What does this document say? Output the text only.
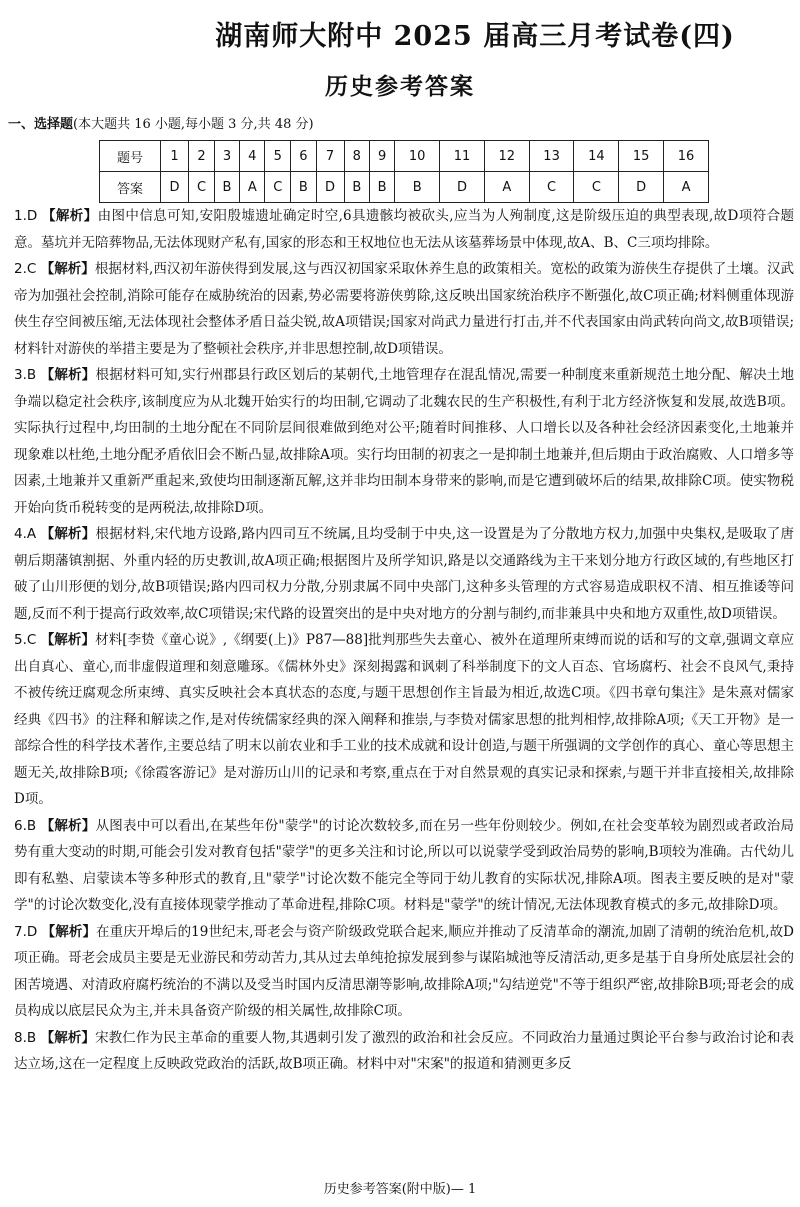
湖南师大附中 2025 届高三月考试卷(四)
历史参考答案
一、选择题(本大题共 16 小题,每小题 3 分,共 48 分)
题号	1	2	3	4	5	6	7	8	9	10	11	12	13	14	15	16
答案	D	C	B	A	C	B	D	B	B	B	D	A	C	C	D	A

1.D 【解析】由图中信息可知,安阳殷墟遗址确定时空,6具遗骸均被砍头,应当为人殉制度,这是阶级压迫的典型表现,故D项符合题意。墓坑并无陪葬物品,无法体现财产私有,国家的形态和王权地位也无法从该墓葬场景中体现,故A、B、C三项均排除。

2.C 【解析】根据材料,西汉初年游侠得到发展,这与西汉初国家采取休养生息的政策相关。宽松的政策为游侠生存提供了土壤。汉武帝为加强社会控制,消除可能存在威胁统治的因素,势必需要将游侠剪除,这反映出国家统治秩序不断强化,故C项正确;材料侧重体现游侠生存空间被压缩,无法体现社会整体矛盾日益尖锐,故A项错误;国家对尚武力量进行打击,并不代表国家由尚武转向尚文,故B项错误;材料针对游侠的举措主要是为了整顿社会秩序,并非思想控制,故D项错误。

3.B 【解析】根据材料可知,实行州郡县行政区划后的某朝代,土地管理存在混乱情况,需要一种制度来重新规范土地分配、解决土地争端以稳定社会秩序,该制度应为从北魏开始实行的均田制,它调动了北魏农民的生产积极性,有利于北方经济恢复和发展,故选B项。实际执行过程中,均田制的土地分配在不同阶层间很难做到绝对公平;随着时间推移、人口增长以及各种社会经济因素变化,土地兼并现象难以杜绝,土地分配矛盾依旧会不断凸显,故排除A项。实行均田制的初衷之一是抑制土地兼并,但后期由于政治腐败、人口增多等因素,土地兼并又重新严重起来,致使均田制逐渐瓦解,这并非均田制本身带来的影响,而是它遭到破坏后的结果,故排除C项。使实物税开始向货币税转变的是两税法,故排除D项。

4.A 【解析】根据材料,宋代地方设路,路内四司互不统属,且均受制于中央,这一设置是为了分散地方权力,加强中央集权,是吸取了唐朝后期藩镇割据、外重内轻的历史教训,故A项正确;根据图片及所学知识,路是以交通路线为主干来划分地方行政区域的,有些地区打破了山川形便的划分,故B项错误;路内四司权力分散,分别隶属不同中央部门,这种多头管理的方式容易造成职权不清、相互推诿等问题,反而不利于提高行政效率,故C项错误;宋代路的设置突出的是中央对地方的分割与制约,而非兼具中央和地方双重性,故D项错误。

5.C 【解析】材料[李贽《童心说》,《纲要(上)》P87—88]批判那些失去童心、被外在道理所束缚而说的话和写的文章,强调文章应出自真心、童心,而非虚假道理和刻意雕琢。《儒林外史》深刻揭露和讽刺了科举制度下的文人百态、官场腐朽、社会不良风气,秉持不被传统迂腐观念所束缚、真实反映社会本真状态的态度,与题干思想创作主旨最为相近,故选C项。《四书章句集注》是朱熹对儒家经典《四书》的注释和解读之作,是对传统儒家经典的深入阐释和推崇,与李贽对儒家思想的批判相悖,故排除A项;《天工开物》是一部综合性的科学技术著作,主要总结了明末以前农业和手工业的技术成就和设计创造,与题干所强调的文学创作的真心、童心等思想主题无关,故排除B项;《徐霞客游记》是对游历山川的记录和考察,重点在于对自然景观的真实记录和探索,与题干并非直接相关,故排除D项。

6.B 【解析】从图表中可以看出,在某些年份"蒙学"的讨论次数较多,而在另一些年份则较少。例如,在社会变革较为剧烈或者政治局势有重大变动的时期,可能会引发对教育包括"蒙学"的更多关注和讨论,所以可以说蒙学受到政治局势的影响,B项较为准确。古代幼儿即有私塾、启蒙读本等多种形式的教育,且"蒙学"讨论次数不能完全等同于幼儿教育的实际状况,排除A项。图表主要反映的是对"蒙学"的讨论次数变化,没有直接体现蒙学推动了革命进程,排除C项。材料是"蒙学"的统计情况,无法体现教育模式的多元,故排除D项。

7.D 【解析】在重庆开埠后的19世纪末,哥老会与资产阶级政党联合起来,顺应并推动了反清革命的潮流,加剧了清朝的统治危机,故D项正确。哥老会成员主要是无业游民和劳动苦力,其从过去单纯抢掠发展到参与谋陷城池等反清活动,更多是基于自身所处底层社会的困苦境遇、对清政府腐朽统治的不满以及受当时国内反清思潮等影响,故排除A项;"勾结逆党"不等于组织严密,故排除B项;哥老会的成员构成以底层民众为主,并未具备资产阶级的相关属性,故排除C项。

8.B 【解析】宋教仁作为民主革命的重要人物,其遇刺引发了激烈的政治和社会反应。不同政治力量通过舆论平台参与政治讨论和表达立场,这在一定程度上反映政党政治的活跃,故B项正确。材料中对"宋案"的报道和猜测更多反

历史参考答案(附中版)— 1
